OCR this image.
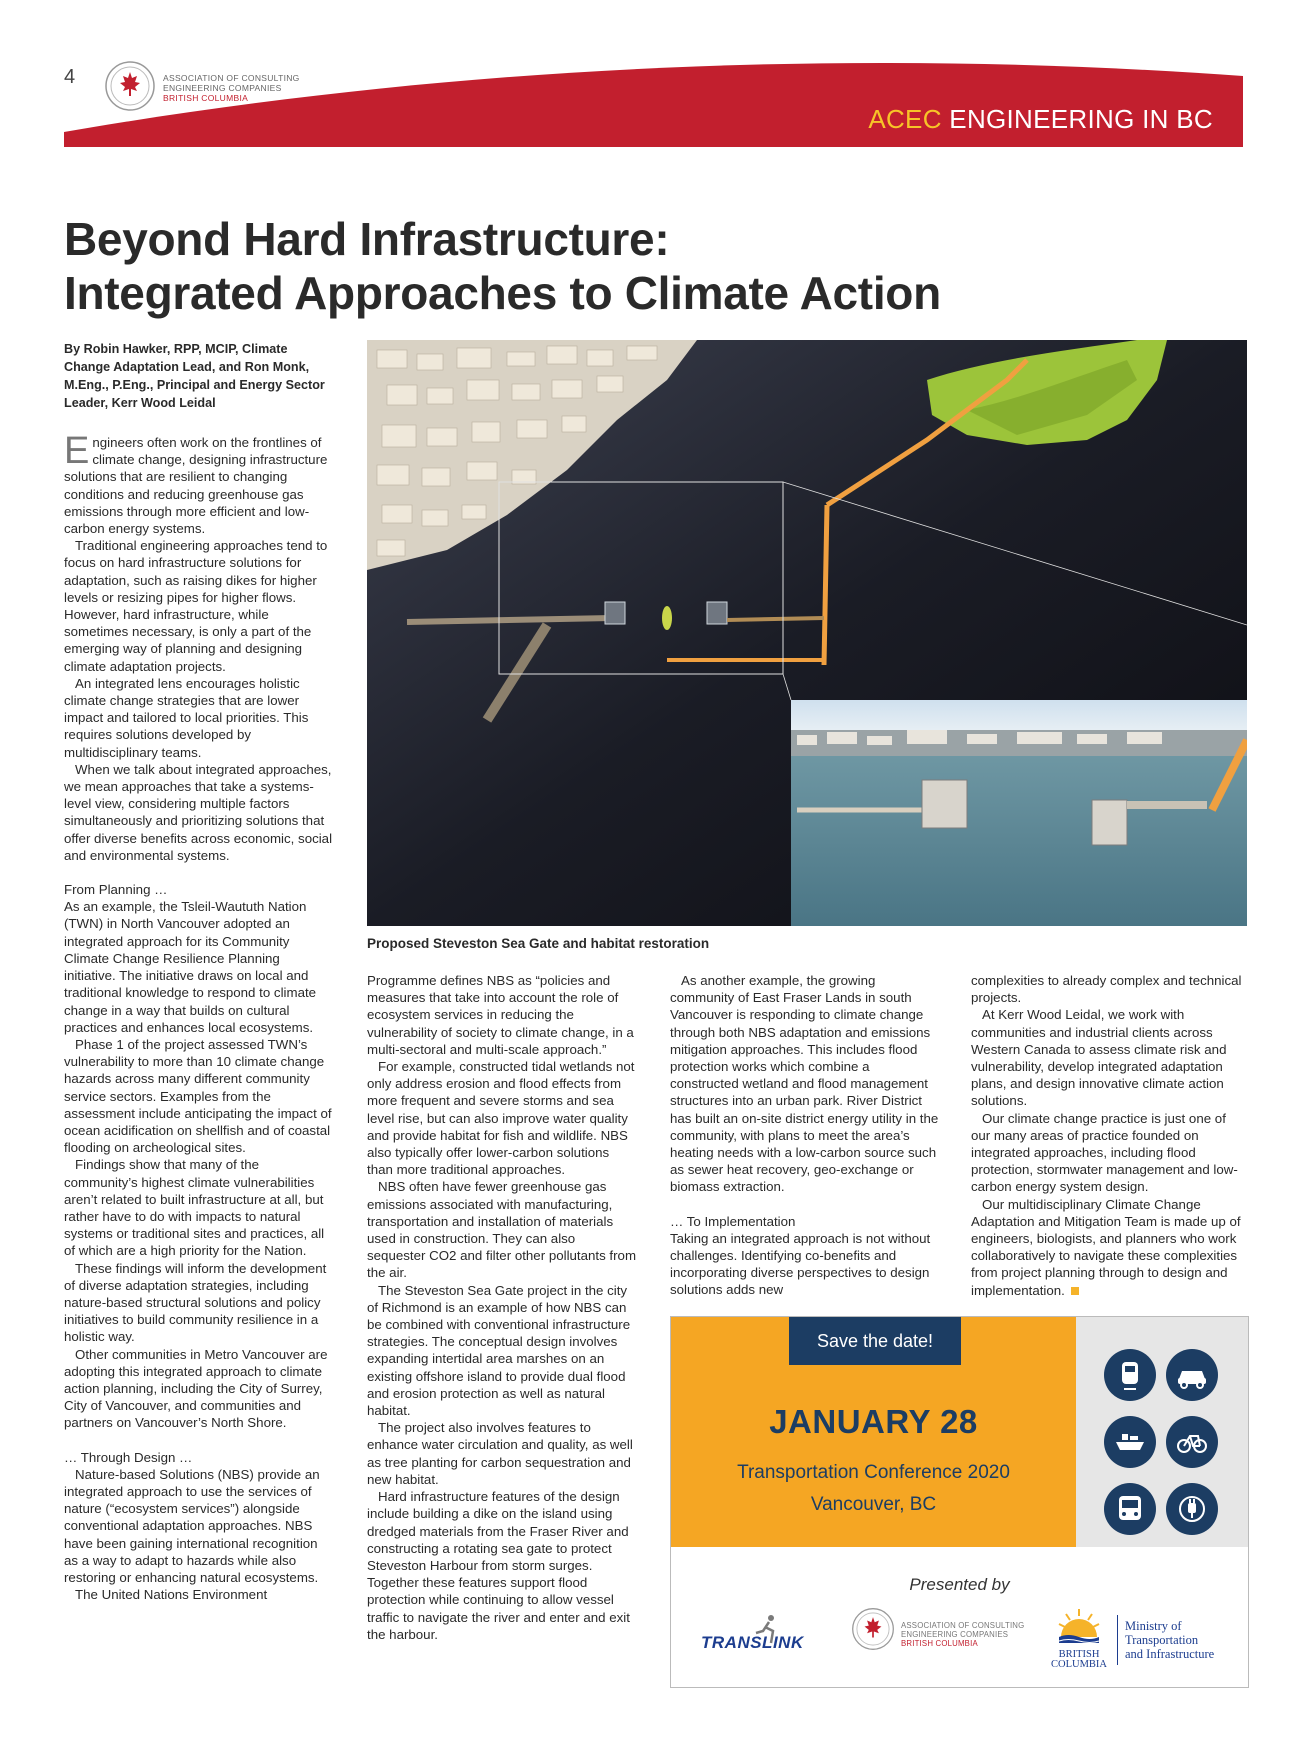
4	ASSOCIATION OF CONSULTING
ENGINEERING COMPANIES
BRITISH COLUMBIA
ACEC ENGINEERING IN BC
Beyond Hard Infrastructure:
Integrated Approaches to Climate Action

By Robin Hawker, RPP, MCIP, Climate Change Adaptation Lead, and Ron Monk, M.Eng., P.Eng., Principal and Energy Sector Leader, Kerr Wood Leidal

Engineers often work on the frontlines of climate change, designing infrastructure solutions that are resilient to changing conditions and reducing greenhouse gas emissions through more efficient and low-carbon energy systems.

Traditional engineering approaches tend to focus on hard infrastructure solutions for adaptation, such as raising dikes for higher levels or resizing pipes for higher flows. However, hard infrastructure, while sometimes necessary, is only a part of the emerging way of planning and designing climate adaptation projects.

An integrated lens encourages holistic climate change strategies that are lower impact and tailored to local priorities. This requires solutions developed by multidisciplinary teams.

When we talk about integrated approaches, we mean approaches that take a systems-level view, considering multiple factors simultaneously and prioritizing solutions that offer diverse benefits across economic, social and environmental systems.

From Planning …

As an example, the Tsleil-Waututh Nation (TWN) in North Vancouver adopted an integrated approach for its Community Climate Change Resilience Planning initiative. The initiative draws on local and traditional knowledge to respond to climate change in a way that builds on cultural practices and enhances local ecosystems.

Phase 1 of the project assessed TWN’s vulnerability to more than 10 climate change hazards across many different community service sectors. Examples from the assessment include anticipating the impact of ocean acidification on shellfish and of coastal flooding on archeological sites.

Findings show that many of the community’s highest climate vulnerabilities aren’t related to built infrastructure at all, but rather have to do with impacts to natural systems or traditional sites and practices, all of which are a high priority for the Nation.

These findings will inform the development of diverse adaptation strategies, including nature-based structural solutions and policy initiatives to build community resilience in a holistic way.

Other communities in Metro Vancouver are adopting this integrated approach to climate action planning, including the City of Surrey, City of Vancouver, and communities and partners on Vancouver’s North Shore.

… Through Design …

Nature-based Solutions (NBS) provide an integrated approach to use the services of nature (“ecosystem services”) alongside conventional adaptation approaches. NBS have been gaining international recognition as a way to adapt to hazards while also restoring or enhancing natural ecosystems.

The United Nations Environment

Proposed Steveston Sea Gate and habitat restoration

Programme defines NBS as “policies and measures that take into account the role of ecosystem services in reducing the vulnerability of society to climate change, in a multi-sectoral and multi-scale approach.”

For example, constructed tidal wetlands not only address erosion and flood effects from more frequent and severe storms and sea level rise, but can also improve water quality and provide habitat for fish and wildlife. NBS also typically offer lower-carbon solutions than more traditional approaches.

NBS often have fewer greenhouse gas emissions associated with manufacturing, transportation and installation of materials used in construction. They can also sequester CO2 and filter other pollutants from the air.

The Steveston Sea Gate project in the city of Richmond is an example of how NBS can be combined with conventional infrastructure strategies. The conceptual design involves expanding intertidal area marshes on an existing offshore island to provide dual flood and erosion protection as well as natural habitat.

The project also involves features to enhance water circulation and quality, as well as tree planting for carbon sequestration and new habitat.

Hard infrastructure features of the design include building a dike on the island using dredged materials from the Fraser River and constructing a rotating sea gate to protect Steveston Harbour from storm surges. Together these features support flood protection while continuing to allow vessel traffic to navigate the river and enter and exit the harbour.

As another example, the growing community of East Fraser Lands in south Vancouver is responding to climate change through both NBS adaptation and emissions mitigation approaches. This includes flood protection works which combine a constructed wetland and flood management structures into an urban park. River District has built an on-site district energy utility in the community, with plans to meet the area’s heating needs with a low-carbon source such as sewer heat recovery, geo-exchange or biomass extraction.

… To Implementation

Taking an integrated approach is not without challenges. Identifying co-benefits and incorporating diverse perspectives to design solutions adds new

complexities to already complex and technical projects.

At Kerr Wood Leidal, we work with communities and industrial clients across Western Canada to assess climate risk and vulnerability, develop integrated adaptation plans, and design innovative climate action solutions.

Our climate change practice is just one of our many areas of practice founded on integrated approaches, including flood protection, stormwater management and low-carbon energy system design.

Our multidisciplinary Climate Change Adaptation and Mitigation Team is made up of engineers, biologists, and planners who work collaboratively to navigate these complexities from project planning through to design and implementation.

Save the date!
JANUARY 28
Transportation Conference 2020
Vancouver, BC
Presented by
TRANSLINK
ASSOCIATION OF CONSULTING
ENGINEERING COMPANIES
BRITISH COLUMBIA
BRITISH
COLUMBIA
Ministry of
Transportation
and Infrastructure
